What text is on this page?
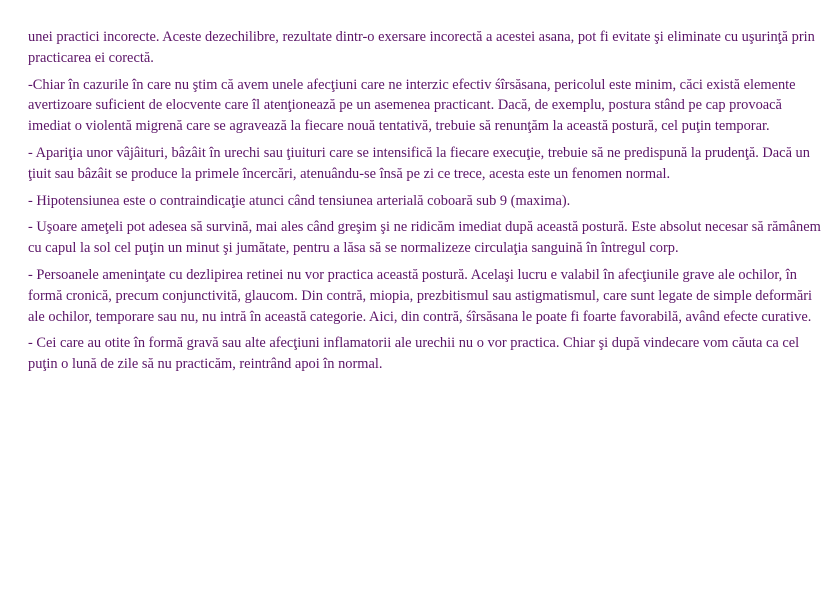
unei practici incorecte. Aceste dezechilibre, rezultate dintr-o exersare incorectă a acestei asana, pot fi evitate şi eliminate cu uşurinţă prin practicarea ei corectă.

-Chiar în cazurile în care nu ştim că avem unele afecţiuni care ne interzic efectiv śîrsăsana, pericolul este minim, căci există elemente avertizoare suficient de elocvente care îl atenţionează pe un asemenea practicant. Dacă, de exemplu, postura stând pe cap provoacă imediat o violentă migrenă care se agravează la fiecare nouă tentativă, trebuie să renunţăm la această postură, cel puţin temporar.

- Apariţia unor vâjâituri, bâzâit în urechi sau ţiuituri care se intensifică la fiecare execuţie, trebuie să ne predispună la prudenţă. Dacă un ţiuit sau bâzâit se produce la primele încercări, atenuându-se însă pe zi ce trece, acesta este un fenomen normal.

- Hipotensiunea este o contraindicaţie atunci când tensiunea arterială coboară sub 9 (maxima).

- Uşoare ameţeli pot adesea să survină, mai ales când greşim şi ne ridicăm imediat după această postură. Este absolut necesar să rămânem cu capul la sol cel puţin un minut şi jumătate, pentru a lăsa să se normalizeze circulaţia sanguină în întregul corp.

- Persoanele ameninţate cu dezlipirea retinei nu vor practica această postură. Acelaşi lucru e valabil în afecţiunile grave ale ochilor, în formă cronică, precum conjunctivită, glaucom. Din contră, miopia, prezbitismul sau astigmatismul, care sunt legate de simple deformări ale ochilor, temporare sau nu, nu intră în această categorie. Aici, din contră, śîrsăsana le poate fi foarte favorabilă, având efecte curative.

- Cei care au otite în formă gravă sau alte afecţiuni inflamatorii ale urechii nu o vor practica. Chiar şi după vindecare vom căuta ca cel puţin o lună de zile să nu practicăm, reintrând apoi în normal.
